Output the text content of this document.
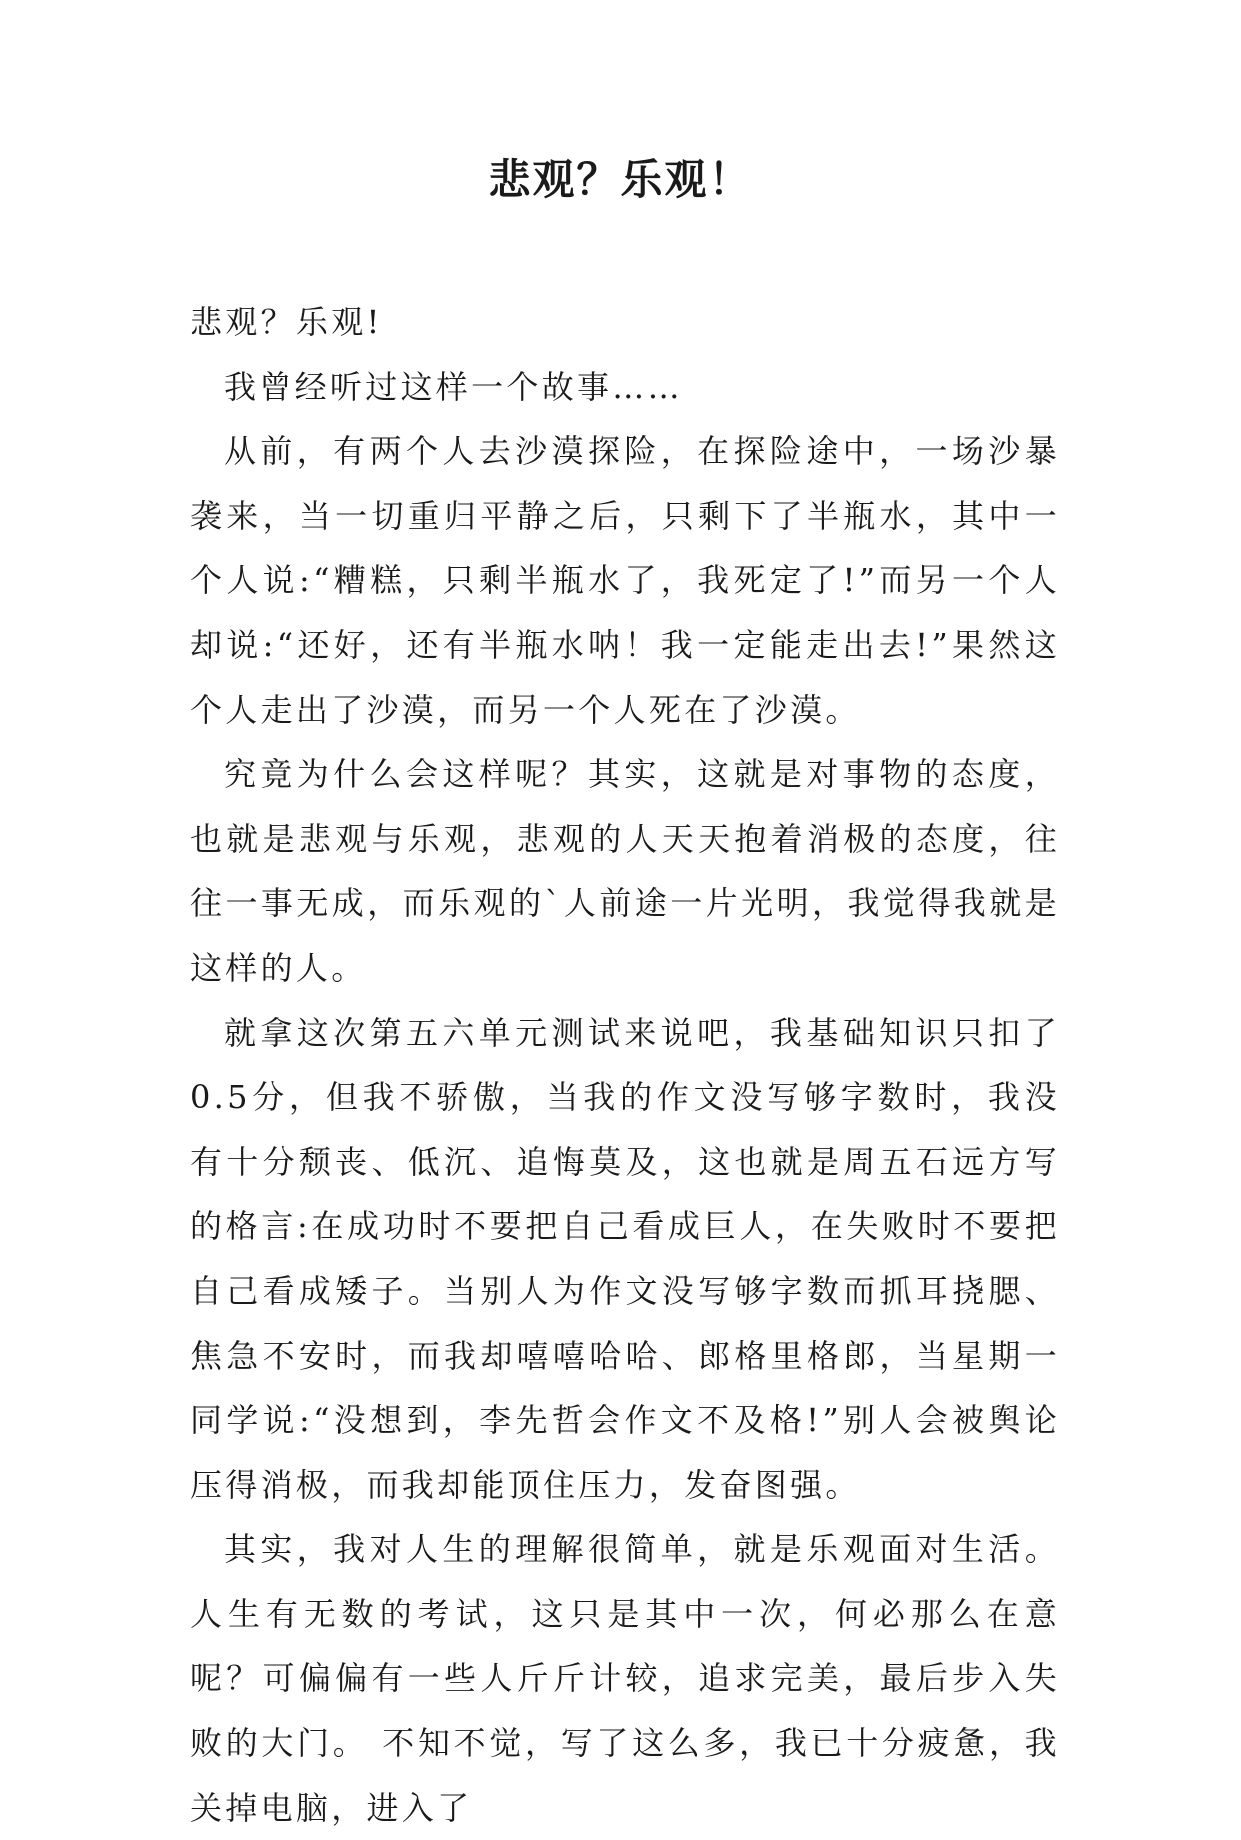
悲观？乐观！

悲观？乐观!

我曾经听过这样一个故事……

从前，有两个人去沙漠探险，在探险途中，一场沙暴袭来，当一切重归平静之后，只剩下了半瓶水，其中一个人说:“糟糕，只剩半瓶水了，我死定了!”而另一个人却说:“还好，还有半瓶水呐！我一定能走出去!”果然这个人走出了沙漠，而另一个人死在了沙漠。

究竟为什么会这样呢？其实，这就是对事物的态度，也就是悲观与乐观，悲观的人天天抱着消极的态度，往往一事无成，而乐观的`人前途一片光明，我觉得我就是这样的人。

就拿这次第五六单元测试来说吧，我基础知识只扣了0.5分，但我不骄傲，当我的作文没写够字数时，我没有十分颓丧、低沉、追悔莫及，这也就是周五石远方写的格言:在成功时不要把自己看成巨人，在失败时不要把自己看成矮子。当别人为作文没写够字数而抓耳挠腮、焦急不安时，而我却嘻嘻哈哈、郎格里格郎，当星期一同学说:“没想到，李先哲会作文不及格!”别人会被舆论压得消极，而我却能顶住压力，发奋图强。

其实，我对人生的理解很简单，就是乐观面对生活。人生有无数的考试，这只是其中一次，何必那么在意呢？可偏偏有一些人斤斤计较，追求完美，最后步入失败的大门。 不知不觉，写了这么多，我已十分疲惫，我关掉电脑，进入了
